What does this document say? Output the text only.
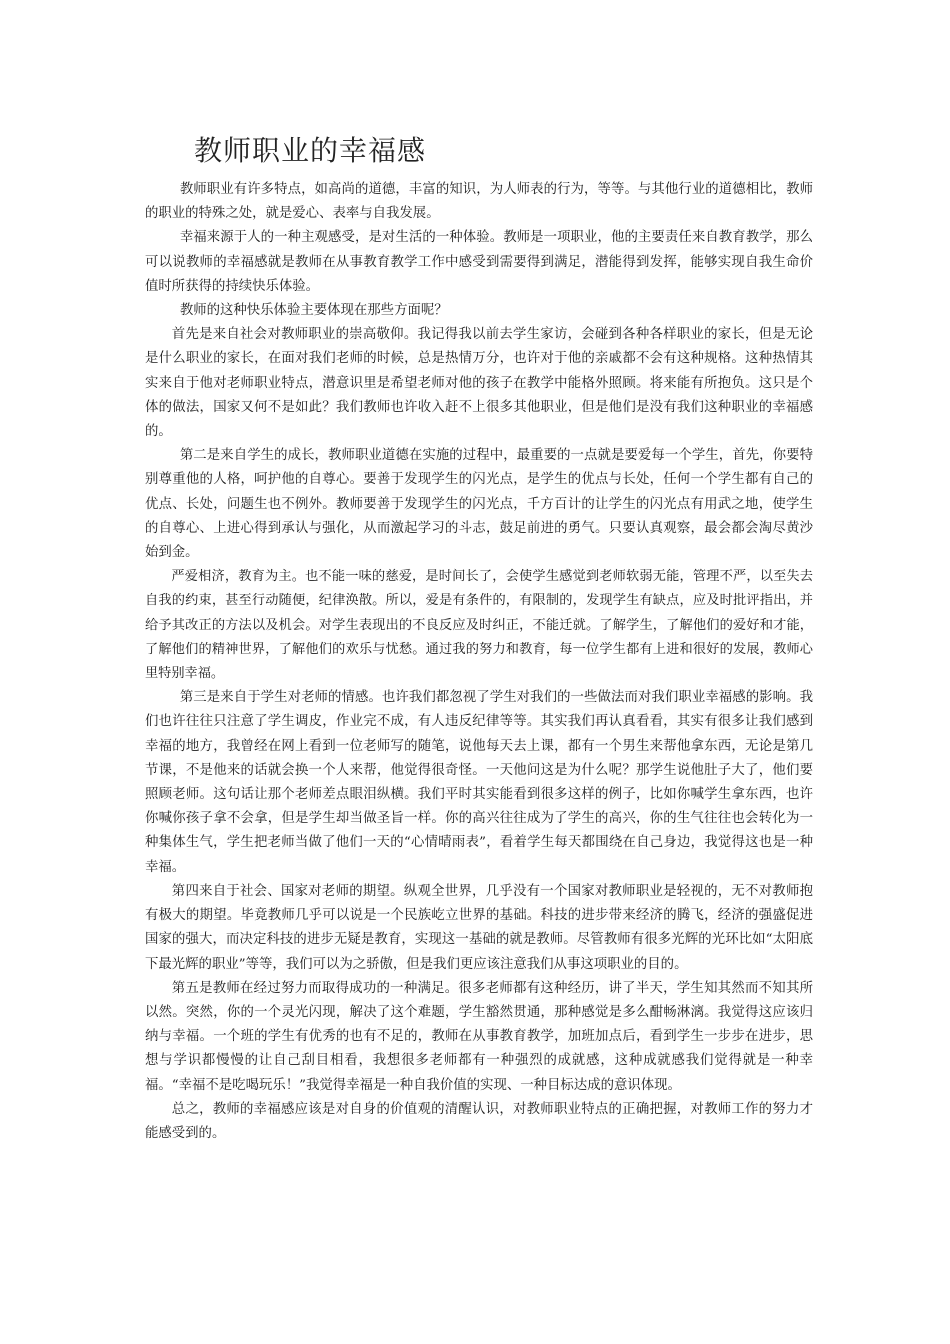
教师职业的幸福感

教师职业有许多特点，如高尚的道德，丰富的知识，为人师表的行为，等等。与其他行业的道德相比，教师的职业的特殊之处，就是爱心、表率与自我发展。

幸福来源于人的一种主观感受，是对生活的一种体验。教师是一项职业，他的主要责任来自教育教学，那么可以说教师的幸福感就是教师在从事教育教学工作中感受到需要得到满足，潜能得到发挥，能够实现自我生命价值时所获得的持续快乐体验。

教师的这种快乐体验主要体现在那些方面呢？

首先是来自社会对教师职业的崇高敬仰。我记得我以前去学生家访，会碰到各种各样职业的家长，但是无论是什么职业的家长，在面对我们老师的时候，总是热情万分，也许对于他的亲戚都不会有这种规格。这种热情其实来自于他对老师职业特点，潜意识里是希望老师对他的孩子在教学中能格外照顾。将来能有所抱负。这只是个体的做法，国家又何不是如此？我们教师也许收入赶不上很多其他职业，但是他们是没有我们这种职业的幸福感的。

第二是来自学生的成长，教师职业道德在实施的过程中，最重要的一点就是要爱每一个学生，首先，你要特别尊重他的人格，呵护他的自尊心。要善于发现学生的闪光点，是学生的优点与长处，任何一个学生都有自己的优点、长处，问题生也不例外。教师要善于发现学生的闪光点，千方百计的让学生的闪光点有用武之地，使学生的自尊心、上进心得到承认与强化，从而激起学习的斗志，鼓足前进的勇气。只要认真观察，最会都会淘尽黄沙始到金。

严爱相济，教育为主。也不能一味的慈爱，是时间长了，会使学生感觉到老师软弱无能，管理不严，以至失去自我的约束，甚至行动随便，纪律涣散。所以，爱是有条件的，有限制的，发现学生有缺点，应及时批评指出，并给予其改正的方法以及机会。对学生表现出的不良反应及时纠正，不能迁就。了解学生，了解他们的爱好和才能，了解他们的精神世界，了解他们的欢乐与忧愁。通过我的努力和教育，每一位学生都有上进和很好的发展，教师心里特别幸福。

第三是来自于学生对老师的情感。也许我们都忽视了学生对我们的一些做法而对我们职业幸福感的影响。我们也许往往只注意了学生调皮，作业完不成，有人违反纪律等等。其实我们再认真看看，其实有很多让我们感到幸福的地方，我曾经在网上看到一位老师写的随笔，说他每天去上课，都有一个男生来帮他拿东西，无论是第几节课，不是他来的话就会换一个人来帮，他觉得很奇怪。一天他问这是为什么呢？那学生说他肚子大了，他们要照顾老师。这句话让那个老师差点眼泪纵横。我们平时其实能看到很多这样的例子，比如你喊学生拿东西，也许你喊你孩子拿不会拿，但是学生却当做圣旨一样。你的高兴往往成为了学生的高兴，你的生气往往也会转化为一种集体生气，学生把老师当做了他们一天的“心情晴雨表”，看着学生每天都围绕在自己身边，我觉得这也是一种幸福。

第四来自于社会、国家对老师的期望。纵观全世界，几乎没有一个国家对教师职业是轻视的，无不对教师抱有极大的期望。毕竟教师几乎可以说是一个民族屹立世界的基础。科技的进步带来经济的腾飞，经济的强盛促进国家的强大，而决定科技的进步无疑是教育，实现这一基础的就是教师。尽管教师有很多光辉的光环比如“太阳底下最光辉的职业”等等，我们可以为之骄傲，但是我们更应该注意我们从事这项职业的目的。

第五是教师在经过努力而取得成功的一种满足。很多老师都有这种经历，讲了半天，学生知其然而不知其所以然。突然，你的一个灵光闪现，解决了这个难题，学生豁然贯通，那种感觉是多么酣畅淋漓。我觉得这应该归纳与幸福。一个班的学生有优秀的也有不足的，教师在从事教育教学，加班加点后，看到学生一步步在进步，思想与学识都慢慢的让自己刮目相看，我想很多老师都有一种强烈的成就感，这种成就感我们觉得就是一种幸福。“幸福不是吃喝玩乐！”我觉得幸福是一种自我价值的实现、一种目标达成的意识体现。

总之，教师的幸福感应该是对自身的价值观的清醒认识，对教师职业特点的正确把握，对教师工作的努力才能感受到的。
